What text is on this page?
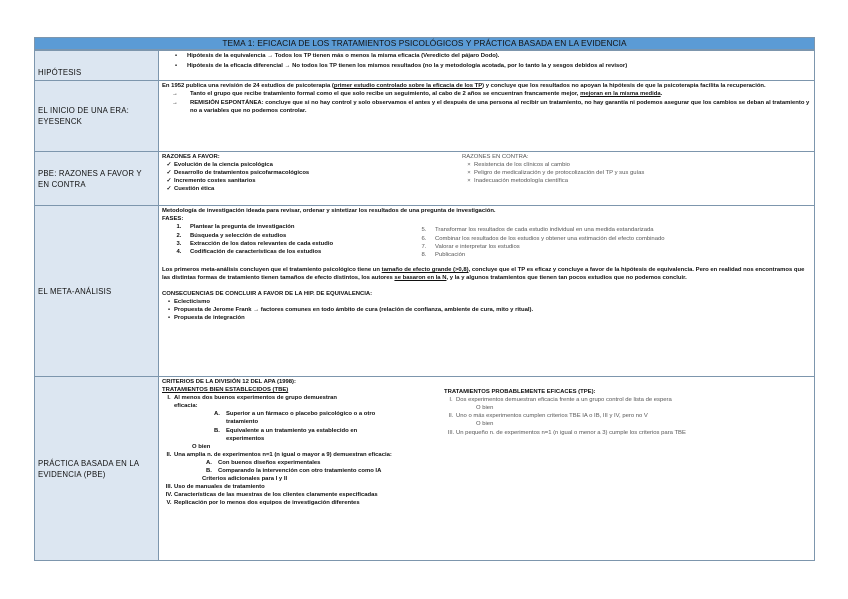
TEMA 1: EFICACIA DE LOS TRATAMIENTOS PSICOLÓGICOS Y PRÁCTICA BASADA EN LA EVIDENCIA
HIPÓTESIS

•	Hipótesis de la equivalencia → Todos los TP tienen más o menos la misma eficacia (Veredicto del pájaro Dodo).

•	Hipótesis de la eficacia diferencial → No todos los TP tienen los mismos resultados (no la y metodología acotada, por lo tanto la y sesgos debidos al revisor)

EL INICIO DE UNA ERA: EYESENCK

En 1952 publica una revisión de 24 estudios de psicoterapia (primer estudio controlado sobre la eficacia de los TP) y concluye que los resultados no apoyan la hipótesis de que la psicoterapia facilita la recuperación.

→	Tanto el grupo que recibe tratamiento formal como el que solo recibe un seguimiento, al cabo de 2 años se encuentran francamente mejor, mejoran en la misma medida.

→	REMISIÓN ESPONTÁNEA: concluye que si no hay control y solo observamos el antes y el después de una persona al recibir un tratamiento, no hay garantía ni podemos asegurar que los cambios se deban al tratamiento y no a variables que no podemos controlar.

PBE: RAZONES A FAVOR Y EN CONTRA

RAZONES A FAVOR:

✓ Evolución de la ciencia psicológica

✓ Desarrollo de tratamientos psicofarmacológicos

✓ Incremento costes sanitarios

✓ Cuestión ética

RAZONES EN CONTRA:

× Resistencia de los clínicos al cambio

× Peligro de medicalización y de protocolización del TP y sus guías

× Inadecuación metodología científica

EL META-ANÁLISIS

Metodología de investigación ideada para revisar, ordenar y sintetizar los resultados de una pregunta de investigación.

FASES:

1.	Plantear la pregunta de investigación

2.	Búsqueda y selección de estudios

3.	Extracción de los datos relevantes de cada estudio

4.	Codificación de características de los estudios

5.	Transformar los resultados de cada estudio individual en una medida estandarizada

6.	Combinar los resultados de los estudios y obtener una estimación del efecto combinado

7.	Valorar e interpretar los estudios

8.	Publicación

Los primeros meta-análisis concluyen que el tratamiento psicológico tiene un tamaño de efecto grande (>0,8), concluye que el TP es eficaz y concluye a favor de la hipótesis de equivalencia. Pero en realidad nos encontramos que las distintas formas de tratamiento tienen tamaños de efecto distintos, los autores se basaron en la N, y la y algunos tratamientos que tienen tan pocos estudios que no podemos concluir.

CONSECUENCIAS DE CONCLUIR A FAVOR DE LA HIP. DE EQUIVALENCIA:

• Eclecticismo

• Propuesta de Jerome Frank → factores comunes en todo ámbito de cura (relación de confianza, ambiente de cura, mito y ritual).

• Propuesta de integración

PRÁCTICA BASADA EN LA EVIDENCIA (PBE)

CRITERIOS DE LA DIVISIÓN 12 DEL APA (1998):

TRATAMIENTOS BIEN ESTABLECIDOS (TBE)

I. Al menos dos buenos experimentos de grupo demuestran eficacia:

A.	Superior a un fármaco o placebo psicológico o a otro tratamiento

B.	Equivalente a un tratamiento ya establecido en experimentos

O bien

II. Una amplia n. de experimentos n=1 (n igual o mayor a 9) demuestran eficacia:

A.	Con buenos diseños experimentales

B.	Comparando la intervención con otro tratamiento como IA

Criterios adicionales para I y II

III. Uso de manuales de tratamiento

IV. Características de las muestras de los clientes claramente especificadas

V. Replicación por lo menos dos equipos de investigación diferentes

TRATAMIENTOS PROBABLEMENTE EFICACES (TPE):

I. Dos experimentos demuestran eficacia frente a un grupo control de lista de espera

O bien

II. Uno o más experimentos cumplen criterios TBE IA o IB, III y IV, pero no V

O bien

III. Un pequeño n. de experimentos n=1 (n igual o menor a 3) cumple los criterios para TBE
